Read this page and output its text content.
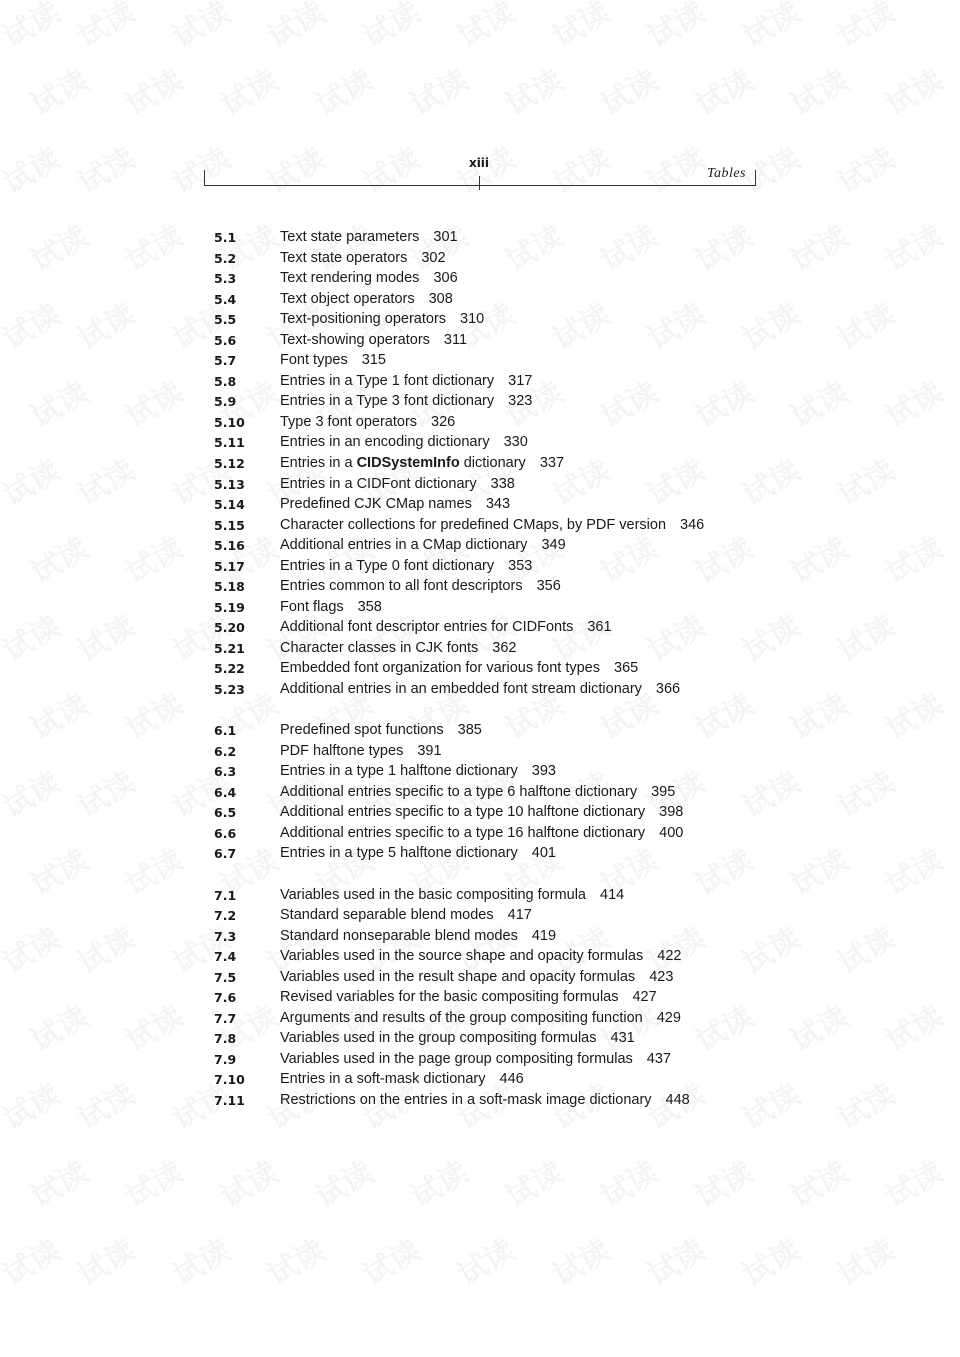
xiii
Tables
5.1	Text state parameters 301
5.2	Text state operators 302
5.3	Text rendering modes 306
5.4	Text object operators 308
5.5	Text-positioning operators 310
5.6	Text-showing operators 311
5.7	Font types 315
5.8	Entries in a Type 1 font dictionary 317
5.9	Entries in a Type 3 font dictionary 323
5.10 Type 3 font operators 326
5.11 Entries in an encoding dictionary 330
5.12 Entries in a CIDSystemInfo dictionary 337
5.13 Entries in a CIDFont dictionary 338
5.14 Predefined CJK CMap names 343
5.15 Character collections for predefined CMaps, by PDF version 346
5.16 Additional entries in a CMap dictionary 349
5.17 Entries in a Type 0 font dictionary 353
5.18 Entries common to all font descriptors 356
5.19 Font flags 358
5.20 Additional font descriptor entries for CIDFonts 361
5.21 Character classes in CJK fonts 362
5.22 Embedded font organization for various font types 365
5.23 Additional entries in an embedded font stream dictionary 366
6.1	Predefined spot functions 385
6.2	PDF halftone types 391
6.3	Entries in a type 1 halftone dictionary 393
6.4	Additional entries specific to a type 6 halftone dictionary 395
6.5	Additional entries specific to a type 10 halftone dictionary 398
6.6	Additional entries specific to a type 16 halftone dictionary 400
6.7	Entries in a type 5 halftone dictionary 401
7.1	Variables used in the basic compositing formula 414
7.2	Standard separable blend modes 417
7.3	Standard nonseparable blend modes 419
7.4	Variables used in the source shape and opacity formulas 422
7.5	Variables used in the result shape and opacity formulas 423
7.6	Revised variables for the basic compositing formulas 427
7.7	Arguments and results of the group compositing function 429
7.8	Variables used in the group compositing formulas 431
7.9	Variables used in the page group compositing formulas 437
7.10 Entries in a soft-mask dictionary 446
7.11 Restrictions on the entries in a soft-mask image dictionary 448
